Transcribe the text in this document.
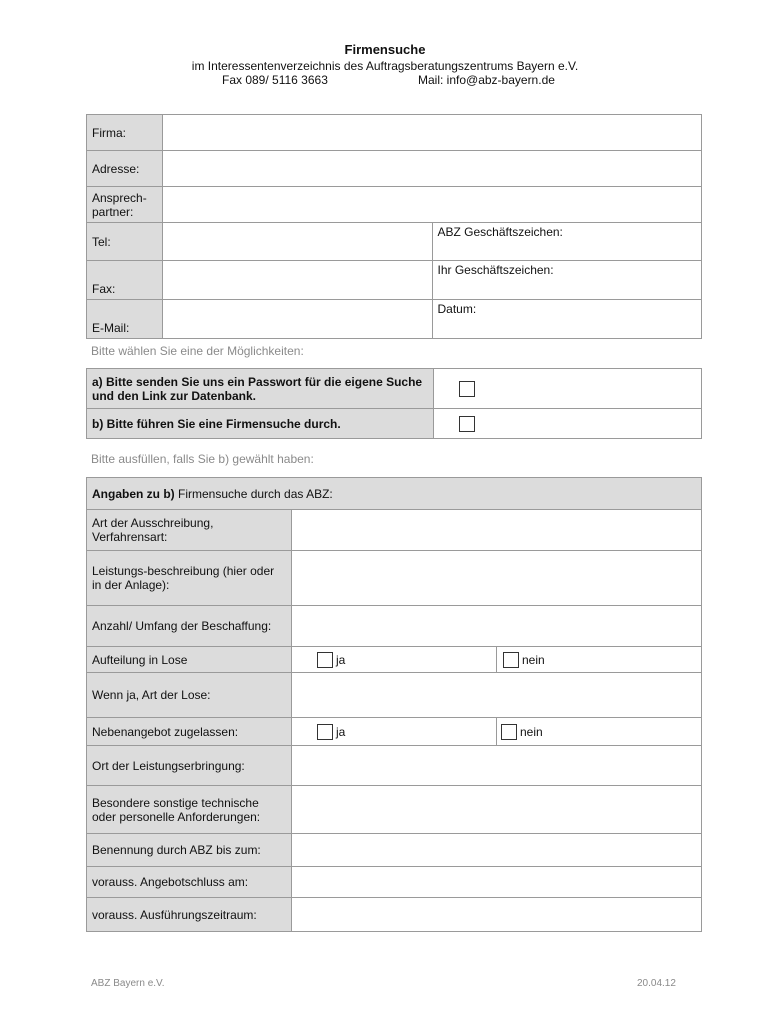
Firmensuche
im Interessentenverzeichnis des Auftragsberatungszentrums Bayern e.V.
Fax 089/ 5116 3663	Mail: info@abz-bayern.de
Firma:		
Adresse:		
Ansprech-
partner:		
Tel:		ABZ Geschäftszeichen:
Fax:		Ihr Geschäftszeichen:
E-Mail:		Datum:
Bitte wählen Sie eine der Möglichkeiten:
a) Bitte senden Sie uns ein Passwort für die eigene Suche und den Link zur Datenbank.	
b) Bitte führen Sie eine Firmensuche durch.	
Bitte ausfüllen, falls Sie b) gewählt haben:
Angaben zu b) Firmensuche durch das ABZ:		
Art der Ausschreibung, Verfahrensart:		
Leistungs-beschreibung (hier oder in der Anlage):		
Anzahl/ Umfang der Beschaffung:		
Aufteilung in Lose	ja	nein

Wenn ja, Art der Lose:		
Nebenangebot zugelassen:	ja	nein

Ort der Leistungserbringung:		
Besondere sonstige technische oder personelle Anforderungen:		
Benennung durch ABZ bis zum:		
vorauss. Angebotschluss am:		
vorauss. Ausführungszeitraum:		
ABZ Bayern e.V.	20.04.12
